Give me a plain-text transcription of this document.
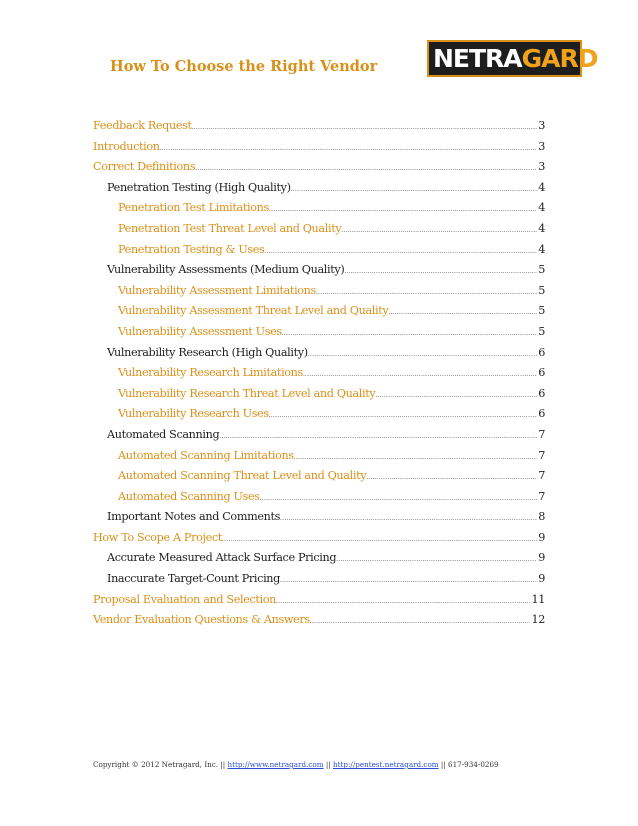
How To Choose the Right Vendor NETRA GARD TM
Feedback Request .....	3
Introduction .....	3
Correct Definitions .....	3
Penetration Testing (High Quality) .....	4
Penetration Test Limitations .....	4
Penetration Test Threat Level and Quality .....	4
Penetration Testing & Uses .....	4
Vulnerability Assessments (Medium Quality) .....	5
Vulnerability Assessment Limitations .....	5
Vulnerability Assessment Threat Level and Quality .....	5
Vulnerability Assessment Uses .....	5
Vulnerability Research (High Quality) .....	6
Vulnerability Research Limitations .....	6
Vulnerability Research Threat Level and Quality .....	6
Vulnerability Research Uses .....	6
Automated Scanning .....	7
Automated Scanning Limitations .....	7
Automated Scanning Threat Level and Quality .....	7
Automated Scanning Uses .....	7
Important Notes and Comments .....	8
How To Scope A Project .....	9
Accurate Measured Attack Surface Pricing .....	9
Inaccurate Target-Count Pricing .....	9
Proposal Evaluation and Selection .....	11
Vendor Evaluation Questions & Answers .....	12
Copyright © 2012 Netragard, Inc. || http://www.netragard.com || http://pentest.netragard.com || 617-934-0269
